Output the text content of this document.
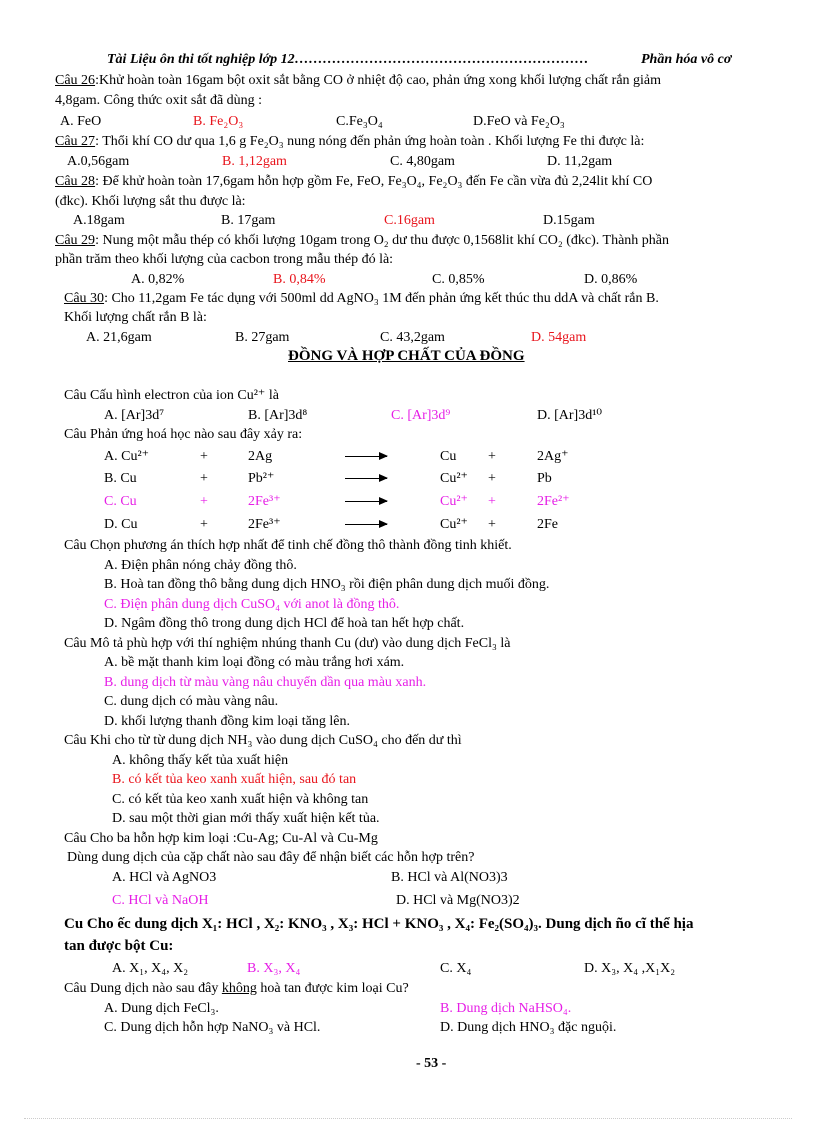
Tài Liệu ôn thi tốt nghiệp lớp 12………………………………………………………	Phần hóa vô cơ
Câu 26:Khử hoàn toàn 16gam bột oxit sắt bằng CO ở nhiệt độ cao, phản ứng xong khối lượng chất rắn giảm
4,8gam. Công thức oxit sắt đã dùng :
A. FeO	B. Fe₂O₃	C.Fe₃O₄	D.FeO và Fe₂O₃
Câu 27: Thổi khí CO dư qua 1,6 g Fe₂O₃ nung nóng đến phản ứng hoàn toàn . Khối lượng Fe thi được là:
A.0,56gam	B. 1,12gam	C. 4,80gam	D. 11,2gam
Câu 28: Để khử hoàn toàn 17,6gam hỗn hợp gồm Fe, FeO, Fe₃O₄, Fe₂O₃ đến Fe cần vừa đủ 2,24lit khí CO
(đkc). Khối lượng sắt thu được là:
A.18gam	B. 17gam	C.16gam	D.15gam
Câu 29: Nung một mẫu thép có khối lượng 10gam trong O₂ dư thu được 0,1568lit khí CO₂ (đkc). Thành phần
phần trăm theo khối lượng của cacbon trong mẫu thép đó là:
A. 0,82%	B. 0,84%	C. 0,85%	D. 0,86%
Câu 30: Cho 11,2gam Fe tác dụng với 500ml dd AgNO₃ 1M đến phản ứng kết thúc thu ddA và chất rắn B.
Khối lượng chất rắn B là:
A. 21,6gam	B. 27gam	C. 43,2gam	D. 54gam
ĐỒNG VÀ HỢP CHẤT CỦA ĐỒNG
Câu Cấu hình electron của ion Cu²⁺ là
A. [Ar]3d⁷	B. [Ar]3d⁸	C. [Ar]3d⁹	D. [Ar]3d¹⁰
Câu Phản ứng hoá học nào sau đây xảy ra:
A. Cu²⁺	+	2Ag	Cu +	2Ag⁺
B. Cu	+	Pb²⁺	Cu²⁺ +	Pb
C. Cu	+	2Fe³⁺	Cu²⁺ +	2Fe²⁺
D. Cu	+	2Fe³⁺	Cu²⁺ +	2Fe
Câu Chọn phương án thích hợp nhất để tinh chế đồng thô thành đồng tinh khiết.
A. Điện phân nóng chảy đồng thô.
B. Hoà tan đồng thô bằng dung dịch HNO₃ rồi điện phân dung dịch muối đồng.
C. Điện phân dung dịch CuSO₄ với anot là đồng thô.
D. Ngâm đồng thô trong dung dịch HCl để hoà tan hết hợp chất.
Câu Mô tả phù hợp với thí nghiệm nhúng thanh Cu (dư) vào dung dịch FeCl₃ là
A. bề mặt thanh kim loại đồng có màu trắng hơi xám.
B. dung dịch từ màu vàng nâu chuyển dần qua màu xanh.
C. dung dịch có màu vàng nâu.
D. khối lượng thanh đồng kim loại tăng lên.
Câu Khi cho từ từ dung dịch NH₃ vào dung dịch CuSO₄ cho đến dư thì
A. không thấy kết tủa xuất hiện
B. có kết tủa keo xanh xuất hiện, sau đó tan
C. có kết tủa keo xanh xuất hiện và không tan
D. sau một thời gian mới thấy xuất hiện kết tủa.
Câu Cho ba hỗn hợp kim loại :Cu-Ag; Cu-Al và Cu-Mg
Dùng dung dịch của cặp chất nào sau đây để nhận biết các hỗn hợp trên?
A. HCl và AgNO3	B. HCl và Al(NO3)3
C. HCl và NaOH	D. HCl và Mg(NO3)2
Cu Cho ếc dung dịch X₁: HCl , X₂: KNO₃ , X₃: HCl + KNO₃ , X₄: Fe₂(SO₄)₃. Dung dịch ño cĩ thể hịa
tan được bột Cu:
A. X₁, X₄, X₂	B. X₃, X₄	C. X₄	D. X₃, X₄ ,X₁X₂
Câu Dung dịch nào sau đây không hoà tan được kim loại Cu?
A. Dung dịch FeCl₃.	B. Dung dịch NaHSO₄.
C. Dung dịch hỗn hợp NaNO₃ và HCl.	D. Dung dịch HNO₃ đặc nguội.
- 53 -
